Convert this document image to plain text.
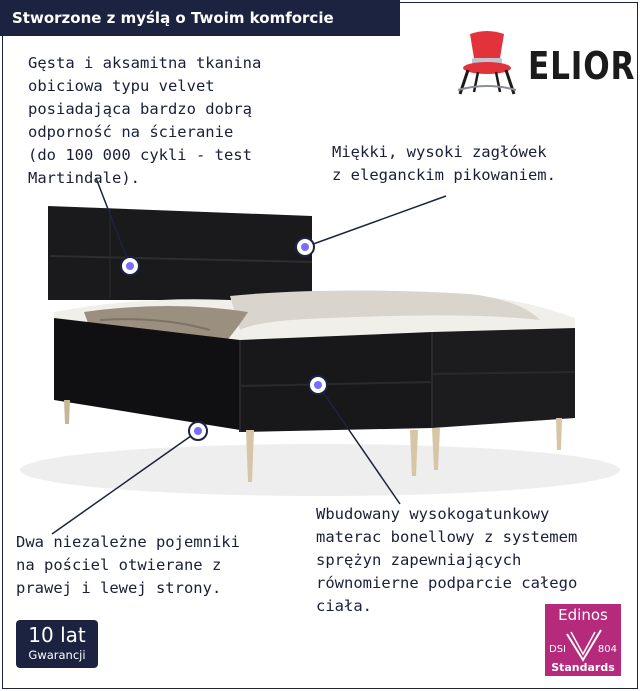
Stworzone z myślą o Twoim komforcie
ELIOR
Gęsta i aksamitna tkanina
obiciowa typu velvet
posiadająca bardzo dobrą
odporność na ścieranie
(do 100 000 cykli - test
Martindale).
Miękki, wysoki zagłówek
z eleganckim pikowaniem.
Wbudowany wysokogatunkowy
materac bonellowy z systemem
sprężyn zapewniających
równomierne podparcie całego
ciała.
Dwa niezależne pojemniki
na pościel otwierane z
prawej i lewej strony.
10 lat
Gwarancji
Edinos
DSI	804
Standards
